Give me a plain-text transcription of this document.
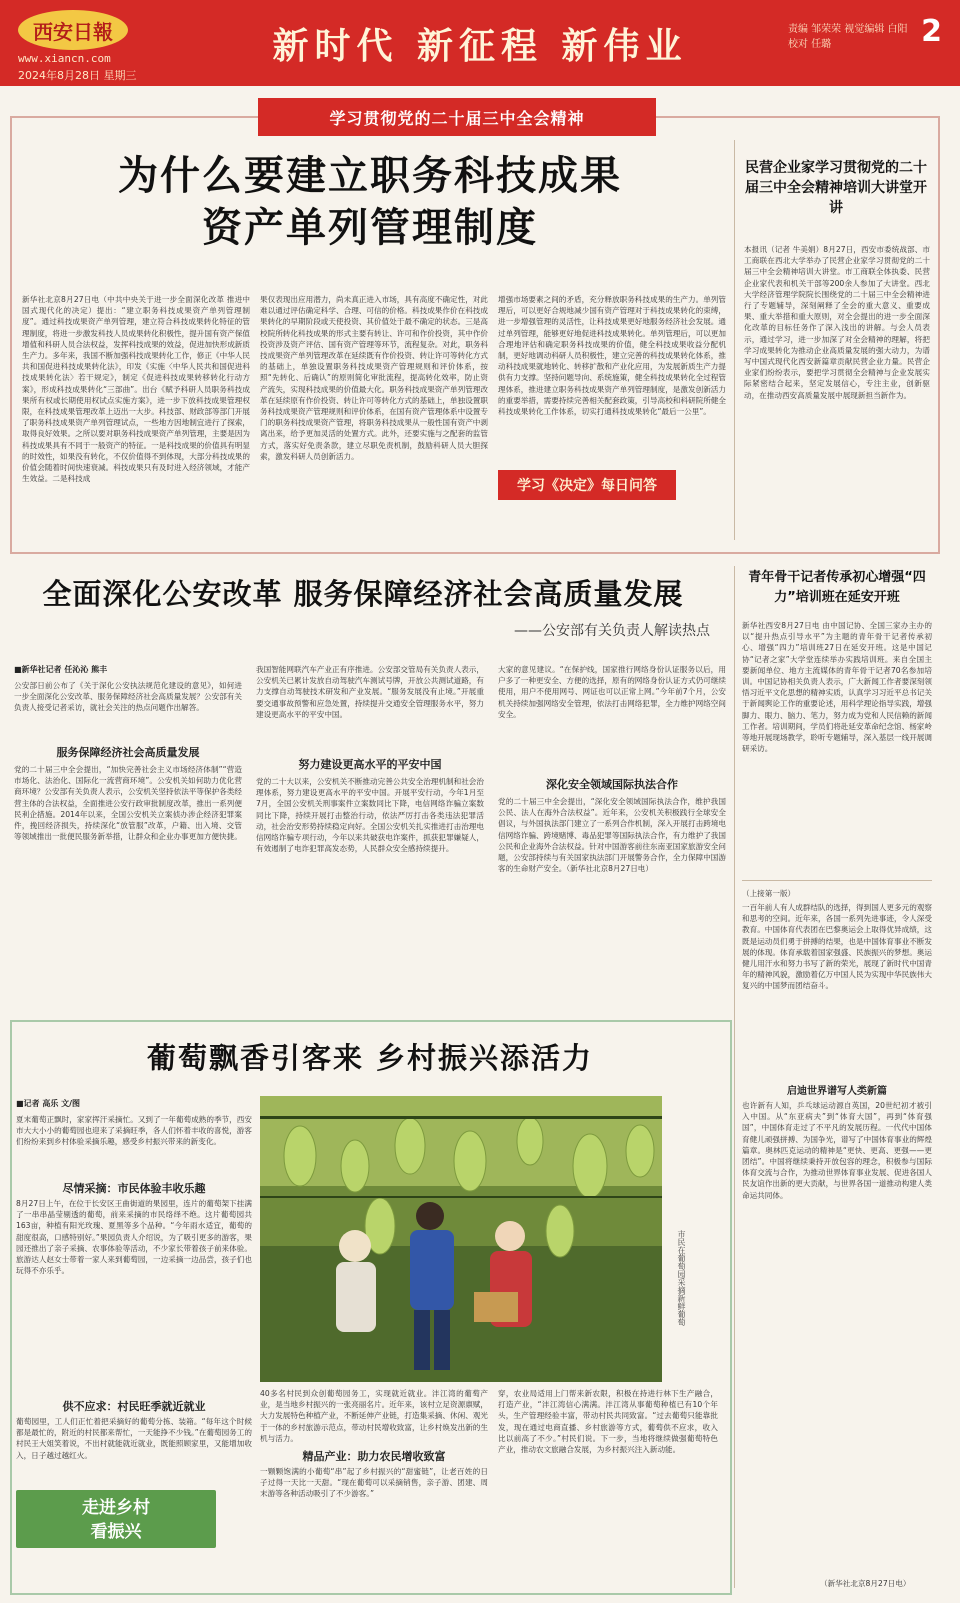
西安日報
www.xiancn.com
2024年8月28日 星期三
新时代 新征程 新伟业	责编 邹荣荣 视觉编辑 白阳 校对 任璐	2
学习贯彻党的二十届三中全会精神
为什么要建立职务科技成果
资产单列管理制度
新华社北京8月27日电（中共中央关于进一步全面深化改革 推进中国式现代化的决定）提出：“建立职务科技成果资产单列管理制度”。通过科技成果资产单列管理，建立符合科技成果转化特征的管理制度，将进一步激发科技人员成果转化积极性，提升国有资产保值增值和科研人员合法权益，发挥科技成果的效益，促进加快形成新质生产力。多年来，我国不断加强科技成果转化工作，修正《中华人民共和国促进科技成果转化法》，印发《实施〈中华人民共和国促进科技成果转化法〉若干规定》，制定《促进科技成果转移转化行动方案》，形成科技成果转化“三部曲”。出台《赋予科研人员职务科技成果所有权或长期使用权试点实施方案》，进一步下放科技成果管理权限，在科技成果管理改革上迈出一大步。科技部、财政部等部门开展了职务科技成果资产单列管理试点，一些地方因地制宜进行了探索，取得良好效果。之所以要对职务科技成果资产单列管理，主要是因为科技成果具有不同于一般资产的特征。一是科技成果的价值具有明显的时效性，如果没有转化，不仅价值得不到体现，大部分科技成果的价值会随着时间快速衰减。科技成果只有及时进入经济领域，才能产生效益。二是科技成
果仅表现出应用潜力，尚未真正进入市场，具有高度不确定性，对此难以通过评估确定科学、合理、可信的价格。科技成果作价在科技成果转化的早期阶段或天使投资、其价值处于最不确定的状态。三是高校院所转化科技成果的形式主要有转让、许可和作价投资，其中作价投资涉及资产评估、国有资产管理等环节，流程复杂。对此，职务科技成果资产单列管理改革在延续既有作价投资、转让许可等转化方式的基础上，单独设置职务科技成果资产管理规则和评价体系，按照“先转化、后确认”的原则简化审批流程，提高转化效率，防止资产流失，实现科技成果的价值最大化。职务科技成果资产单列管理改革在延续原有作价投资、转让许可等转化方式的基础上，单独设置职务科技成果资产管理规则和评价体系，在国有资产管理体系中设置专门的职务科技成果资产管理，将职务科技成果从一般性国有资产中剥离出来，给予更加灵活的处置方式。此外，还要实施与之配套的监管方式，落实好免责条款，建立尽职免责机制，鼓励科研人员大胆探索，激发科研人员创新活力。
增强市场要素之间的矛盾，充分释放职务科技成果的生产力。单列管理后，可以更好合规地减少国有资产管理对于科技成果转化的束缚，进一步增强管理的灵活性，让科技成果更好地服务经济社会发展。通过单列管理，能够更好地促进科技成果转化。单列管理后，可以更加合理地评估和确定职务科技成果的价值，健全科技成果收益分配机制，更好地调动科研人员积极性，建立完善的科技成果转化体系，推动科技成果就地转化、转移扩散和产业化应用，为发展新质生产力提供有力支撑。坚持问题导向、系统施策，健全科技成果转化全过程管理体系，推进建立职务科技成果资产单列管理制度，是激发创新活力的重要举措，需要持续完善相关配套政策，引导高校和科研院所健全科技成果转化工作体系，切实打通科技成果转化“最后一公里”。
学习《决定》每日问答
民营企业家学习贯彻党的二十届三中全会精神培训大讲堂开讲
本报讯（记者 牛美娟）8月27日，西安市委统战部、市工商联在西北大学举办了民营企业家学习贯彻党的二十届三中全会精神培训大讲堂。市工商联全体执委、民营企业家代表和机关干部等200余人参加了大讲堂。西北大学经济管理学院院长围绕党的二十届三中全会精神进行了专题辅导，深刻阐释了全会的重大意义、重要成果、重大举措和重大原则，对全会提出的进一步全面深化改革的目标任务作了深入浅出的讲解。与会人员表示，通过学习，进一步加深了对全会精神的理解，将把学习成果转化为推动企业高质量发展的强大动力，为谱写中国式现代化西安新篇章贡献民营企业力量。民营企业家们纷纷表示，要把学习贯彻全会精神与企业发展实际紧密结合起来，坚定发展信心，专注主业，创新驱动，在推动西安高质量发展中展现新担当新作为。
全面深化公安改革 服务保障经济社会高质量发展
——公安部有关负责人解读热点
■新华社记者 任沁沁 熊丰
公安部日前公布了《关于深化公安执法规范化建设的意见》，如何进一步全面深化公安改革、服务保障经济社会高质量发展？公安部有关负责人接受记者采访，就社会关注的热点问题作出解答。
服务保障经济社会高质量发展
党的二十届三中全会提出，“加快完善社会主义市场经济体制”“营造市场化、法治化、国际化一流营商环境”。公安机关如何助力优化营商环境？公安部有关负责人表示，公安机关坚持依法平等保护各类经营主体的合法权益，全面推进公安行政审批制度改革，推出一系列便民利企措施。2014年以来，全国公安机关立案侦办涉企经济犯罪案件，挽回经济损失，持续深化“放管服”改革，户籍、出入境、交管等领域推出一批便民服务新举措，让群众和企业办事更加方便快捷。
我国智能网联汽车产业正有序推进。公安部交管局有关负责人表示，公安机关已累计发放自动驾驶汽车测试号牌，开放公共测试道路，有力支撑自动驾驶技术研发和产业发展。“服务发展没有止境。”开展重要交通事故预警和应急处置，持续提升交通安全管理服务水平，努力建设更高水平的平安中国。
努力建设更高水平的平安中国
党的二十大以来，公安机关不断推动完善公共安全治理机制和社会治理体系，努力建设更高水平的平安中国。开展平安行动，今年1月至7月，全国公安机关刑事案件立案数同比下降，电信网络诈骗立案数同比下降，持续开展打击整治行动，依法严厉打击各类违法犯罪活动，社会治安形势持续稳定向好。全国公安机关扎实推进打击治理电信网络诈骗专项行动，今年以来共破获电诈案件，抓获犯罪嫌疑人，有效遏制了电诈犯罪高发态势，人民群众安全感持续提升。
大家的意见建议。“在保护线，国家推行网络身份认证服务以后，用户多了一种更安全、方便的选择，原有的网络身份认证方式仍可继续使用，用户不使用网号、网证也可以正常上网。”今年前7个月，公安机关持续加强网络安全管理，依法打击网络犯罪，全力维护网络空间安全。
深化安全领域国际执法合作
党的二十届三中全会提出，“深化安全领域国际执法合作，维护我国公民、法人在海外合法权益”。近年来，公安机关积极践行全球安全倡议，与外国执法部门建立了一系列合作机制，深入开展打击跨境电信网络诈骗、跨境赌博、毒品犯罪等国际执法合作，有力维护了我国公民和企业海外合法权益。针对中国游客前往东南亚国家旅游安全问题，公安部持续与有关国家执法部门开展警务合作，全力保障中国游客的生命财产安全。（新华社北京8月27日电）
青年骨干记者传承初心增强“四力”培训班在延安开班
新华社西安8月27日电 由中国记协、全国三家办主办的以“提升热点引导水平”为主题的青年骨干记者传承初心、增强“四力”培训班27日在延安开班。这是中国记协“记者之家”大学堂连续举办实践培训班。来自全国主要新闻单位、地方主流媒体的青年骨干记者70名参加培训。中国记协相关负责人表示，广大新闻工作者要深刻领悟习近平文化思想的精神实质，认真学习习近平总书记关于新闻舆论工作的重要论述，用科学理论指导实践，增强脚力、眼力、脑力、笔力，努力成为党和人民信赖的新闻工作者。培训期间，学员们将赴延安革命纪念馆、杨家岭等地开展现场教学，聆听专题辅导，深入基层一线开展调研采访。
（上接第一版）
一百年前人有人成群结队的选择，得到国人更多元的观察和思考的空间。近年来，各国一系列先进事迹，令人深受教育。中国体育代表团在巴黎奥运会上取得优异成绩，这既是运动员们勇于拼搏的结果，也是中国体育事业不断发展的体现。体育承载着国家强盛、民族振兴的梦想。奥运健儿用汗水和努力书写了新的荣光，展现了新时代中国青年的精神风貌，激励着亿万中国人民为实现中华民族伟大复兴的中国梦而团结奋斗。
启迪世界谱写人类新篇
也许新有人知，乒乓球运动源自英国，20世纪初才被引入中国。从“东亚病夫”到“体育大国”，再到“体育强国”，中国体育走过了不平凡的发展历程。一代代中国体育健儿顽强拼搏、为国争光，谱写了中国体育事业的辉煌篇章。奥林匹克运动的精神是“更快、更高、更强——更团结”。中国将继续秉持开放包容的理念，积极参与国际体育交流与合作，为推动世界体育事业发展、促进各国人民友谊作出新的更大贡献，与世界各国一道推动构建人类命运共同体。
（新华社北京8月27日电）
葡萄飘香引客来 乡村振兴添活力
■记者 高乐 文/图
夏末葡萄正飘时，家家挥汗采摘忙。又到了一年葡萄成熟的季节，西安市大大小小的葡萄园也迎来了采摘旺季，各人们怀着丰收的喜悦，游客们纷纷来到乡村体验采摘乐趣，感受乡村振兴带来的新变化。
尽情采摘：市民体验丰收乐趣
8月27日上午，在位于长安区王曲街道的果园里，连片的葡萄架下挂满了一串串晶莹剔透的葡萄，前来采摘的市民络绎不绝。这片葡萄园共163亩，种植有阳光玫瑰、夏黑等多个品种。“今年雨水适宜，葡萄的甜度很高，口感特别好。”果园负责人介绍说，为了吸引更多的游客，果园还推出了亲子采摘、农事体验等活动，不少家长带着孩子前来体验。旅游达人赵女士带着一家人来到葡萄园，一边采摘一边品尝，孩子们也玩得不亦乐乎。
供不应求：村民旺季就近就业
葡萄园里，工人们正忙着把采摘好的葡萄分拣、装箱。“每年这个时候都是最忙的，附近的村民都来帮忙，一天能挣不少钱。”在葡萄园务工的村民王大姐笑着说，不出村就能就近就业，既能照顾家里，又能增加收入，日子越过越红火。
走进乡村
看振兴
市民在葡萄园采摘新鲜葡萄
40多名村民到众创葡萄园务工，实现就近就业。沣江湾的葡萄产业，是当地乡村振兴的一张亮丽名片。近年来，该村立足资源禀赋，大力发展特色种植产业，不断延伸产业链，打造集采摘、休闲、观光于一体的乡村旅游示范点，带动村民增收致富，让乡村焕发出新的生机与活力。
精品产业：助力农民增收致富
一颗颗饱满的小葡萄“串”起了乡村振兴的“甜蜜链”，让老百姓的日子过得一天比一天甜。“现在葡萄可以采摘销售，亲子游、团建、周末游等各种活动吸引了不少游客。”
穿，农业局适用上门帮来新农限，积极在持进行林下生产融合，打造产业，“沣江湾信心满满。沣江湾从事葡萄种植已有10个年头，生产管理经验丰富，带动村民共同致富。“过去葡萄只能靠批发，现在通过电商直播、乡村旅游等方式，葡萄供不应求，收入比以前高了不少。”村民们说。下一步，当地将继续做强葡萄特色产业，推动农文旅融合发展，为乡村振兴注入新动能。
